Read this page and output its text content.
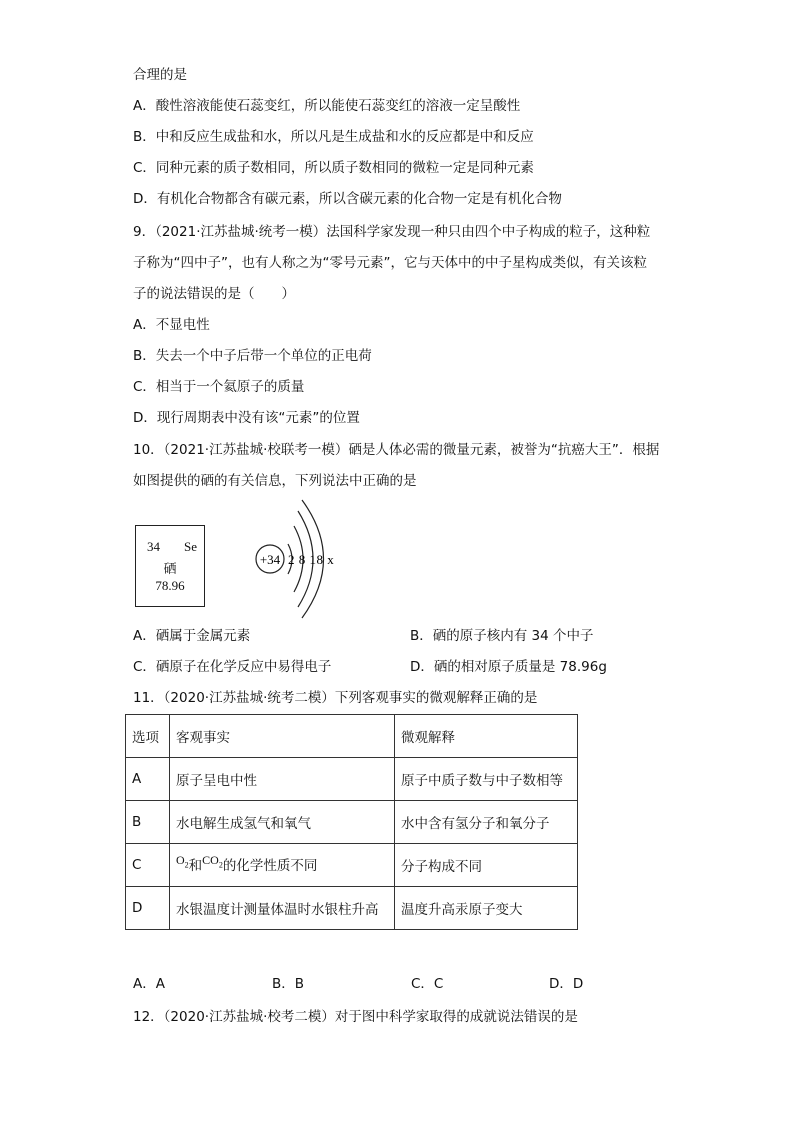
合理的是
A．酸性溶液能使石蕊变红，所以能使石蕊变红的溶液一定呈酸性
B．中和反应生成盐和水，所以凡是生成盐和水的反应都是中和反应
C．同种元素的质子数相同，所以质子数相同的微粒一定是同种元素
D．有机化合物都含有碳元素，所以含碳元素的化合物一定是有机化合物
9．（2021·江苏盐城·统考一模）法国科学家发现一种只由四个中子构成的粒子，这种粒
子称为“四中子”，也有人称之为“零号元素”，它与天体中的中子星构成类似，有关该粒
子的说法错误的是（　　）
A．不显电性
B．失去一个中子后带一个单位的正电荷
C．相当于一个氦原子的质量
D．现行周期表中没有该“元素”的位置
10．（2021·江苏盐城·校联考一模）硒是人体必需的微量元素，被誉为“抗癌大王”．根据
如图提供的硒的有关信息，下列说法中正确的是
34 Se
硒
78.96
+34 2 8 18 x
A．硒属于金属元素	B．硒的原子核内有 34 个中子
C．硒原子在化学反应中易得电子	D．硒的相对原子质量是 78.96g
11．（2020·江苏盐城·统考二模）下列客观事实的微观解释正确的是
选项	客观事实	微观解释
A	原子呈电中性	原子中质子数与中子数相等
B	水电解生成氢气和氧气	水中含有氢分子和氧分子
C	$O_2$和$CO_2$的化学性质不同	分子构成不同
D	水银温度计测量体温时水银柱升高	温度升高汞原子变大
A．A	B．B	C．C	D．D
12．（2020·江苏盐城·校考二模）对于图中科学家取得的成就说法错误的是
